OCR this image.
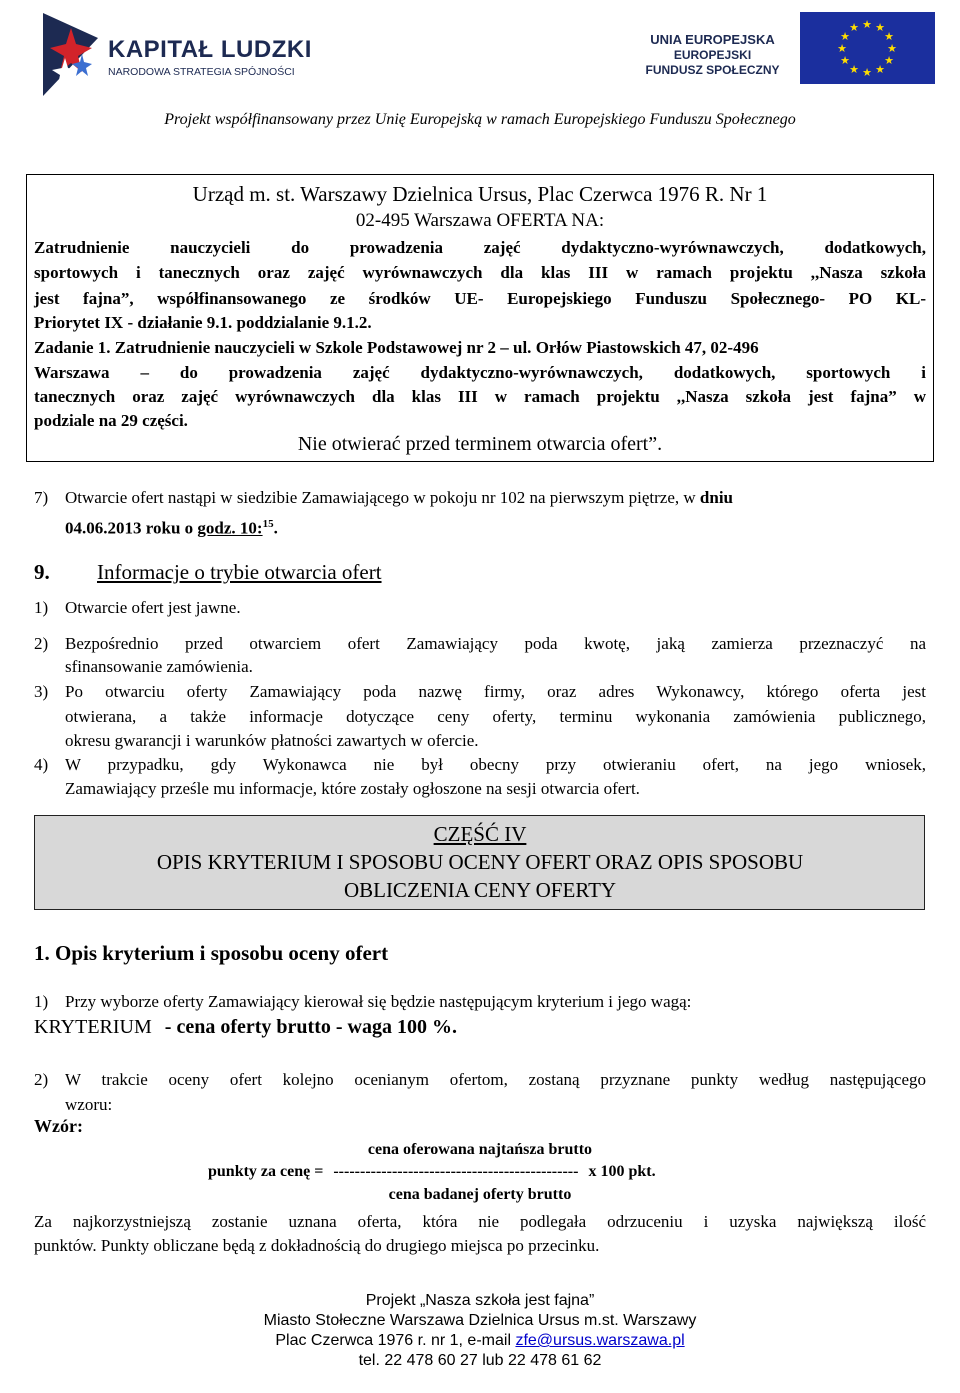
KAPITAŁ LUDZKI
NARODOWA STRATEGIA SPÓJNOŚCI
UNIA EUROPEJSKA
EUROPEJSKI
FUNDUSZ SPOŁECZNY
★ ★
★
★
★
★
★
★
★
★
★
★
Projekt współfinansowany przez Unię Europejską w ramach Europejskiego Funduszu Społecznego
Urząd m. st. Warszawy Dzielnica Ursus, Plac Czerwca 1976 R. Nr 1
02-495 Warszawa OFERTA NA:
Zatrudnienie nauczycieli do prowadzenia zajęć dydaktyczno-wyrównawczych, dodatkowych,
sportowych i tanecznych oraz zajęć wyrównawczych dla klas III w ramach projektu ,,Nasza szkoła
jest fajna”, współfinansowanego ze środków UE- Europejskiego Funduszu Społecznego- PO KL-
Priorytet IX - działanie 9.1. poddzialanie 9.1.2.
Zadanie 1. Zatrudnienie nauczycieli w Szkole Podstawowej nr 2 – ul. Orłów Piastowskich 47, 02-496
Warszawa – do prowadzenia zajęć dydaktyczno-wyrównawczych, dodatkowych, sportowych i
tanecznych oraz zajęć wyrównawczych dla klas III w ramach projektu ,,Nasza szkoła jest fajna” w
podziale na 29 części.
Nie otwierać przed terminem otwarcia ofert”.
7) Otwarcie ofert nastąpi w siedzibie Zamawiającego w pokoju nr 102 na pierwszym piętrze, w dniu
04.06.2013 roku o godz. 10:$^{15}$.
9. Informacje o trybie otwarcia ofert
1) Otwarcie ofert jest jawne.
2) Bezpośrednio przed otwarciem ofert Zamawiający poda kwotę, jaką zamierza przeznaczyć na
sfinansowanie zamówienia.
3) Po otwarciu oferty Zamawiający poda nazwę firmy, oraz adres Wykonawcy, którego oferta jest
otwierana, a także informacje dotyczące ceny oferty, terminu wykonania zamówienia publicznego,
okresu gwarancji i warunków płatności zawartych w ofercie.
4) W przypadku, gdy Wykonawca nie był obecny przy otwieraniu ofert, na jego wniosek,
Zamawiający prześle mu informacje, które zostały ogłoszone na sesji otwarcia ofert.
CZĘŚĆ IV
OPIS KRYTERIUM I SPOSOBU OCENY OFERT ORAZ OPIS SPOSOBU
OBLICZENIA CENY OFERTY
1. Opis kryterium i sposobu oceny ofert
1) Przy wyborze oferty Zamawiający kierował się będzie następującym kryterium i jego wagą:
KRYTERIUM - cena oferty brutto - waga 100 %.
2) W trakcie oceny ofert kolejno ocenianym ofertom, zostaną przyznane punkty według następującego
wzoru:
Wzór:
cena oferowana najtańsza brutto
punkty za cenę = ---------------------------------------------- x 100 pkt.
cena badanej oferty brutto
Za najkorzystniejszą zostanie uznana oferta, która nie podlegała odrzuceniu i uzyska największą ilość
punktów. Punkty obliczane będą z dokładnością do drugiego miejsca po przecinku.
Projekt „Nasza szkoła jest fajna”
Miasto Stołeczne Warszawa Dzielnica Ursus m.st. Warszawy
Plac Czerwca 1976 r. nr 1, e-mail zfe@ursus.warszawa.pl
tel. 22 478 60 27 lub 22 478 61 62
